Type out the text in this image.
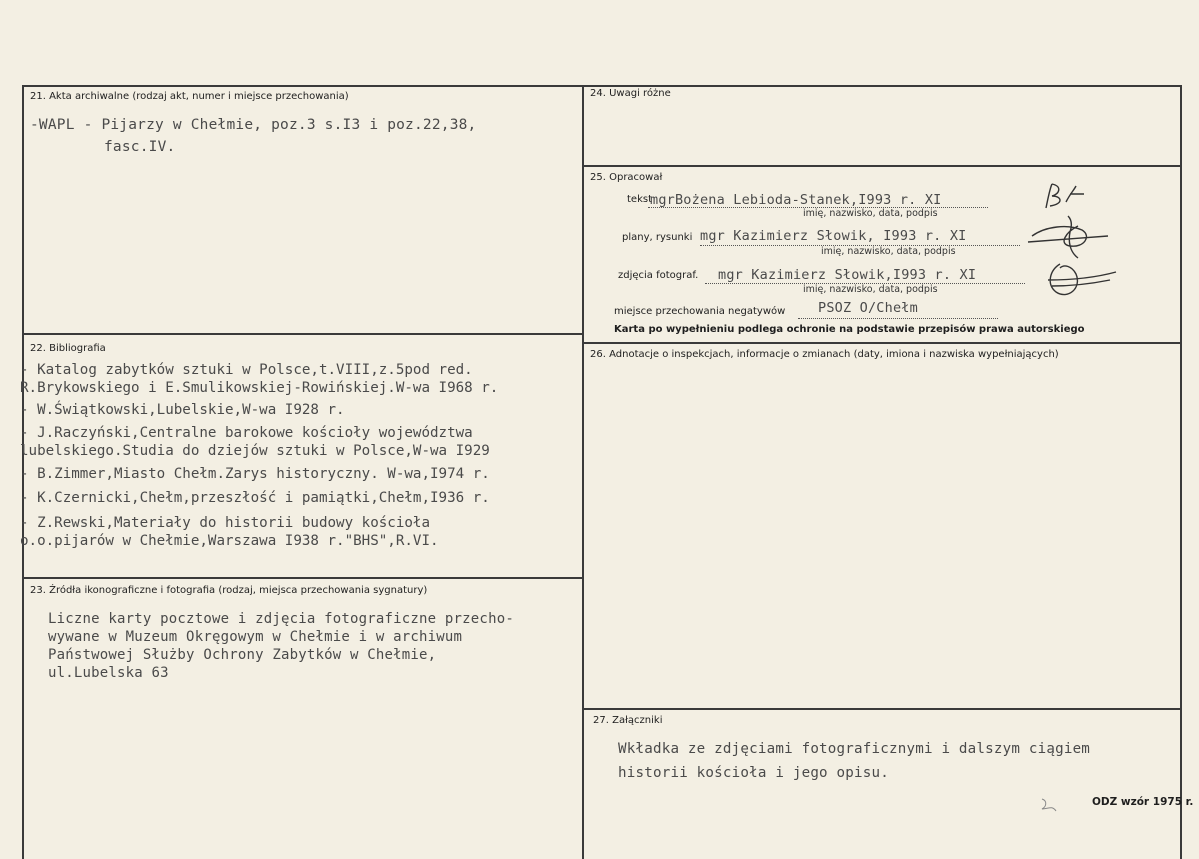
21. Akta archiwalne (rodzaj akt, numer i miejsce przechowania)
-WAPL - Pijarzy w Chełmie, poz.3 s.I3 i poz.22,38,
fasc.IV.
22. Bibliografia
- Katalog zabytków sztuki w Polsce,t.VIII,z.5pod red.
R.Brykowskiego i E.Smulikowskiej-Rowińskiej.W-wa I968 r.
- W.Świątkowski,Lubelskie,W-wa I928 r.
- J.Raczyński,Centralne barokowe kościoły województwa
lubelskiego.Studia do dziejów sztuki w Polsce,W-wa I929
- B.Zimmer,Miasto Chełm.Zarys historyczny. W-wa,I974 r.
- K.Czernicki,Chełm,przeszłość i pamiątki,Chełm,I936 r.
- Z.Rewski,Materiały do historii budowy kościoła
o.o.pijarów w Chełmie,Warszawa I938 r."BHS",R.VI.
23. Źródła ikonograficzne i fotografia (rodzaj, miejsca przechowania sygnatury)
Liczne karty pocztowe i zdjęcia fotograficzne przecho-
wywane w Muzeum Okręgowym w Chełmie i w archiwum
Państwowej Służby Ochrony Zabytków w Chełmie,
ul.Lubelska 63
24. Uwagi różne
25. Opracował
tekst
mgrBożena Lebioda-Stanek,I993 r. XI
imię, nazwisko, data, podpis
plany, rysunki mgr Kazimierz Słowik, I993 r. XI
imię, nazwisko, data, podpis
zdjęcia fotograf. mgr Kazimierz Słowik,I993 r. XI
imię, nazwisko, data, podpis
miejsce przechowania negatywów PSOZ O/Chełm
Karta po wypełnieniu podlega ochronie na podstawie przepisów prawa autorskiego
26. Adnotacje o inspekcjach, informacje o zmianach (daty, imiona i nazwiska wypełniających)
27. Załączniki
Wkładka ze zdjęciami fotograficznymi i dalszym ciągiem
historii kościoła i jego opisu.
ODZ wzór 1975 r.
